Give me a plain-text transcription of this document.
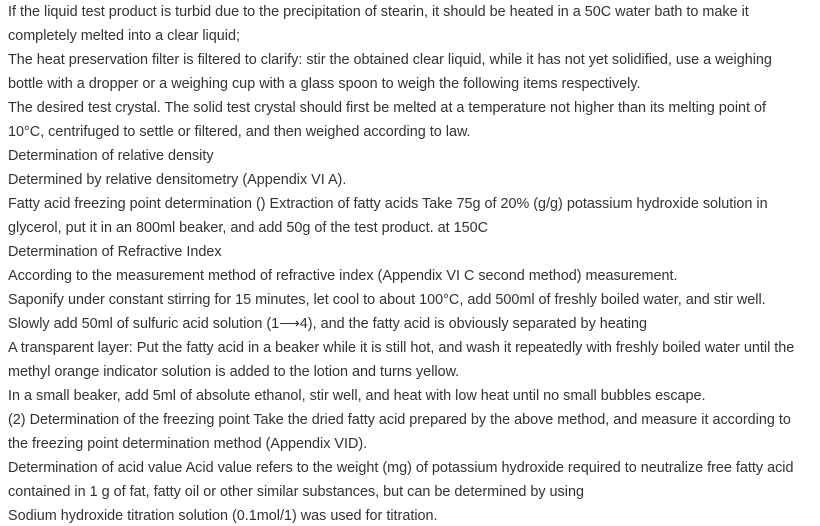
If the liquid test product is turbid due to the precipitation of stearin, it should be heated in a 50C water bath to make it
completely melted into a clear liquid;
The heat preservation filter is filtered to clarify: stir the obtained clear liquid, while it has not yet solidified, use a weighing
bottle with a dropper or a weighing cup with a glass spoon to weigh the following items respectively.
The desired test crystal. The solid test crystal should first be melted at a temperature not higher than its melting point of
10°C, centrifuged to settle or filtered, and then weighed according to law.
Determination of relative density
Determined by relative densitometry (Appendix VI A).
Fatty acid freezing point determination () Extraction of fatty acids Take 75g of 20% (g/g) potassium hydroxide solution in
glycerol, put it in an 800ml beaker, and add 50g of the test product. at 150C
Determination of Refractive Index
According to the measurement method of refractive index (Appendix VI C second method) measurement.
Saponify under constant stirring for 15 minutes, let cool to about 100°C, add 500ml of freshly boiled water, and stir well.
Slowly add 50ml of sulfuric acid solution (1⟶4), and the fatty acid is obviously separated by heating
A transparent layer: Put the fatty acid in a beaker while it is still hot, and wash it repeatedly with freshly boiled water until the
methyl orange indicator solution is added to the lotion and turns yellow.
In a small beaker, add 5ml of absolute ethanol, stir well, and heat with low heat until no small bubbles escape.
(2) Determination of the freezing point Take the dried fatty acid prepared by the above method, and measure it according to
the freezing point determination method (Appendix VID).
Determination of acid value Acid value refers to the weight (mg) of potassium hydroxide required to neutralize free fatty acid
contained in 1 g of fat, fatty oil or other similar substances, but can be determined by using
Sodium hydroxide titration solution (0.1mol/1) was used for titration.
